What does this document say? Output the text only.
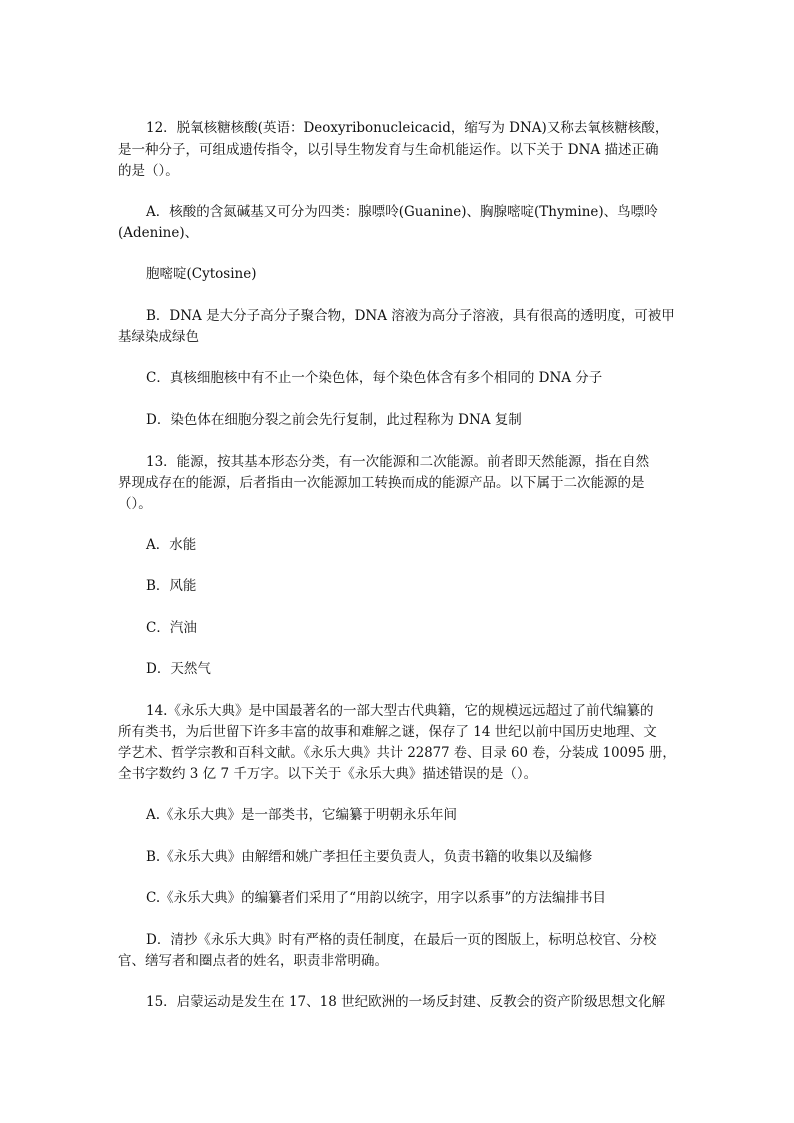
12．脱氧核糖核酸(英语：Deoxyribonucleicacid，缩写为 DNA)又称去氧核糖核酸，
是一种分子，可组成遗传指令，以引导生物发育与生命机能运作。以下关于 DNA 描述正确
的是（）。
A．核酸的含氮碱基又可分为四类：腺嘌呤(Guanine)、胸腺嘧啶(Thymine)、鸟嘌呤
(Adenine)、
胞嘧啶(Cytosine)
B．DNA 是大分子高分子聚合物，DNA 溶液为高分子溶液，具有很高的透明度，可被甲
基绿染成绿色
C．真核细胞核中有不止一个染色体，每个染色体含有多个相同的 DNA 分子
D．染色体在细胞分裂之前会先行复制，此过程称为 DNA 复制
13．能源，按其基本形态分类，有一次能源和二次能源。前者即天然能源，指在自然
界现成存在的能源，后者指由一次能源加工转换而成的能源产品。以下属于二次能源的是
（）。
A．水能
B．风能
C．汽油
D．天然气
14.《永乐大典》是中国最著名的一部大型古代典籍，它的规模远远超过了前代编纂的
所有类书，为后世留下许多丰富的故事和难解之谜，保存了 14 世纪以前中国历史地理、文
学艺术、哲学宗教和百科文献。《永乐大典》共计 22877 卷、目录 60 卷，分装成 10095 册，
全书字数约 3 亿 7 千万字。以下关于《永乐大典》描述错误的是（）。
A.《永乐大典》是一部类书，它编纂于明朝永乐年间
B.《永乐大典》由解缙和姚广孝担任主要负责人，负责书籍的收集以及编修
C.《永乐大典》的编纂者们采用了“用韵以统字，用字以系事”的方法编排书目
D．清抄《永乐大典》时有严格的责任制度，在最后一页的图版上，标明总校官、分校
官、缮写者和圈点者的姓名，职责非常明确。
15．启蒙运动是发生在 17、18 世纪欧洲的一场反封建、反教会的资产阶级思想文化解
